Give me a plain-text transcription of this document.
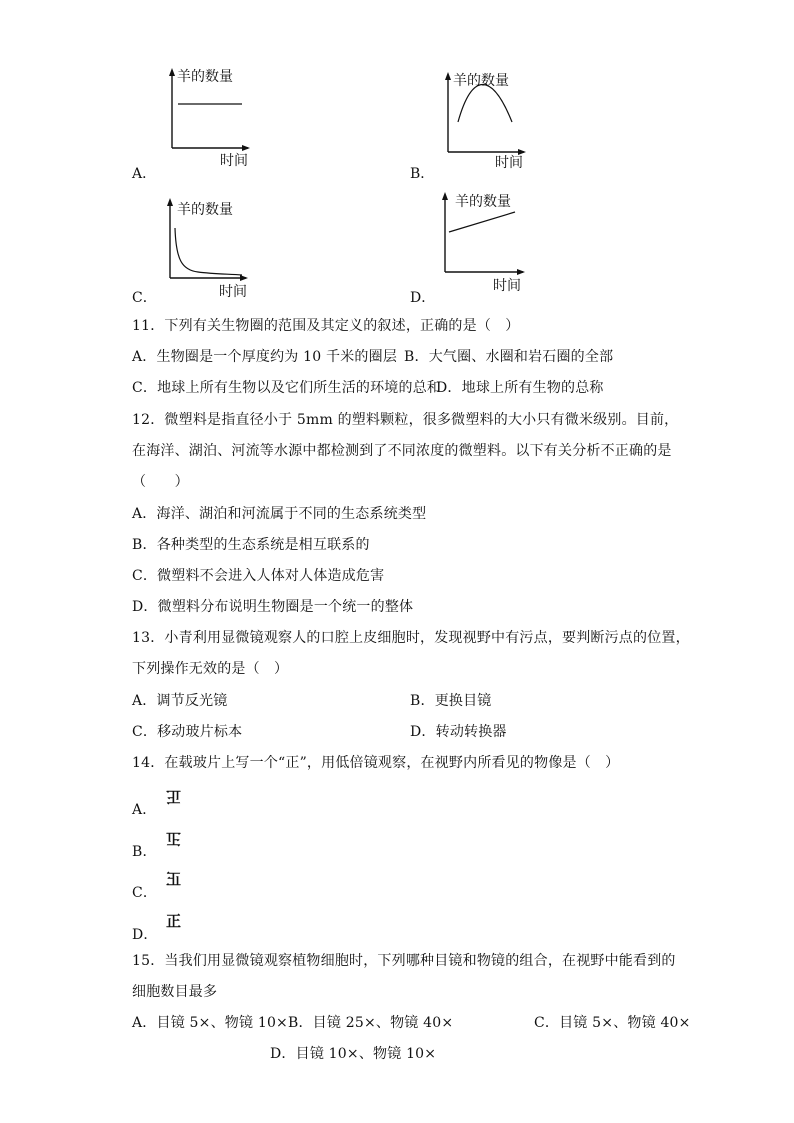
羊的数量
时间
A．
羊的数量
时间
B．
羊的数量
时间
C．
羊的数量
时间
D．
11．下列有关生物圈的范围及其定义的叙述，正确的是（　）
A．生物圈是一个厚度约为 10 千米的圈层 B．大气圈、水圈和岩石圈的全部
C．地球上所有生物以及它们所生活的环境的总和
D．地球上所有生物的总称
12．微塑料是指直径小于 5mm 的塑料颗粒，很多微塑料的大小只有微米级别。目前，
在海洋、湖泊、河流等水源中都检测到了不同浓度的微塑料。以下有关分析不正确的是
（　　）
A．海洋、湖泊和河流属于不同的生态系统类型
B．各种类型的生态系统是相互联系的
C．微塑料不会进入人体对人体造成危害
D．微塑料分布说明生物圈是一个统一的整体
13．小青利用显微镜观察人的口腔上皮细胞时，发现视野中有污点，要判断污点的位置，
下列操作无效的是（　）
A．调节反光镜	B．更换目镜
C．移动玻片标本	D．转动转换器
14．在载玻片上写一个“正”，用低倍镜观察，在视野内所看见的物像是（　）
A．
正
B．
正
C．
正
D．
正
15．当我们用显微镜观察植物细胞时，下列哪种目镜和物镜的组合，在视野中能看到的
细胞数目最多
A．目镜 5×、物镜 10×B．目镜 25×、物镜 40×	C．目镜 5×、物镜 40×
D．目镜 10×、物镜 10×
